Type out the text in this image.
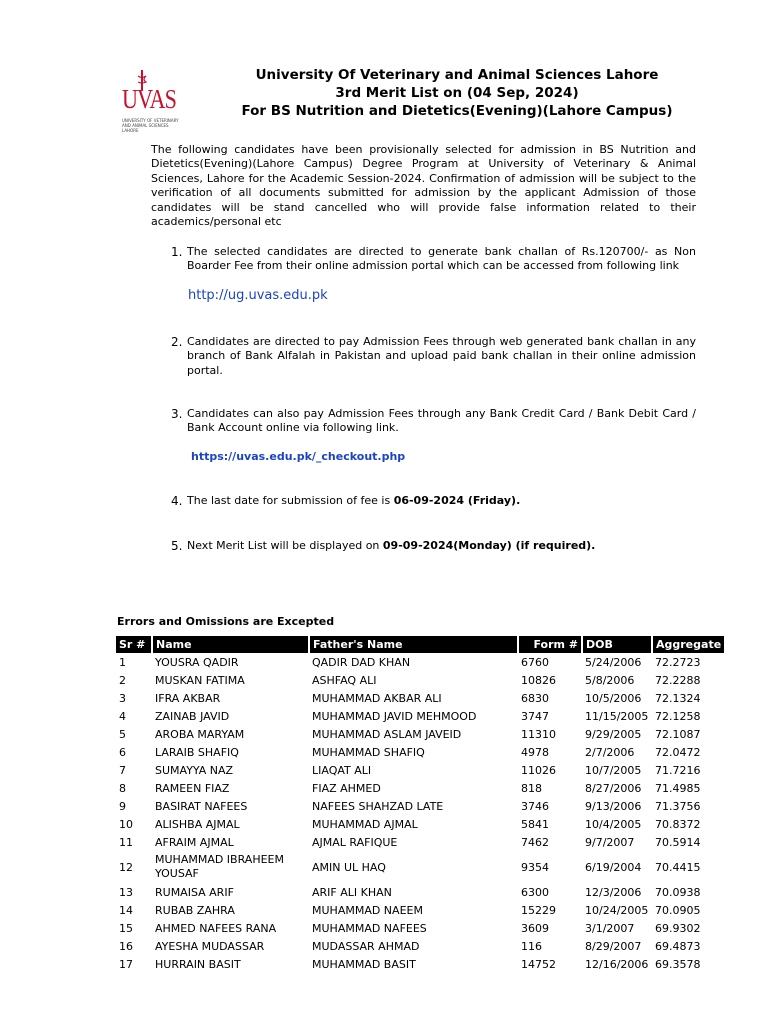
UVAS
UNIVERSITY OF VETERINARY AND ANIMAL SCIENCES LAHORE
University Of Veterinary and Animal Sciences Lahore
3rd Merit List on (04 Sep, 2024)
For BS Nutrition and Dietetics(Evening)(Lahore Campus)
The following candidates have been provisionally selected for admission in BS Nutrition and Dietetics(Evening)(Lahore Campus) Degree Program at University of Veterinary & Animal Sciences, Lahore for the Academic Session-2024. Confirmation of admission will be subject to the verification of all documents submitted for admission by the applicant Admission of those candidates will be stand cancelled who will provide false information related to their academics/personal etc
1. The selected candidates are directed to generate bank challan of Rs.120700/- as Non Boarder Fee from their online admission portal which can be accessed from following link
http://ug.uvas.edu.pk
2. Candidates are directed to pay Admission Fees through web generated bank challan in any branch of Bank Alfalah in Pakistan and upload paid bank challan in their online admission portal.
3. Candidates can also pay Admission Fees through any Bank Credit Card / Bank Debit Card / Bank Account online via following link.
https://uvas.edu.pk/_checkout.php
4. The last date for submission of fee is 06-09-2024 (Friday).
5. Next Merit List will be displayed on 09-09-2024(Monday) (if required).
Errors and Omissions are Excepted
Sr #	Name	Father's Name	Form #	DOB	Aggregate
1	YOUSRA QADIR	QADIR DAD KHAN	6760	5/24/2006	72.2723
2	MUSKAN FATIMA	ASHFAQ ALI	10826	5/8/2006	72.2288
3	IFRA AKBAR	MUHAMMAD AKBAR ALI	6830	10/5/2006	72.1324
4	ZAINAB JAVID	MUHAMMAD JAVID MEHMOOD	3747	11/15/2005	72.1258
5	AROBA MARYAM	MUHAMMAD ASLAM JAVEID	11310	9/29/2005	72.1087
6	LARAIB SHAFIQ	MUHAMMAD SHAFIQ	4978	2/7/2006	72.0472
7	SUMAYYA NAZ	LIAQAT ALI	11026	10/7/2005	71.7216
8	RAMEEN FIAZ	FIAZ AHMED	818	8/27/2006	71.4985
9	BASIRAT NAFEES	NAFEES SHAHZAD LATE	3746	9/13/2006	71.3756
10	ALISHBA AJMAL	MUHAMMAD AJMAL	5841	10/4/2005	70.8372
11	AFRAIM AJMAL	AJMAL RAFIQUE	7462	9/7/2007	70.5914
12	MUHAMMAD IBRAHEEM YOUSAF	AMIN UL HAQ	9354	6/19/2004	70.4415
13	RUMAISA ARIF	ARIF ALI KHAN	6300	12/3/2006	70.0938
14	RUBAB ZAHRA	MUHAMMAD NAEEM	15229	10/24/2005	70.0905
15	AHMED NAFEES RANA	MUHAMMAD NAFEES	3609	3/1/2007	69.9302
16	AYESHA MUDASSAR	MUDASSAR AHMAD	116	8/29/2007	69.4873
17	HURRAIN BASIT	MUHAMMAD BASIT	14752	12/16/2006	69.3578
